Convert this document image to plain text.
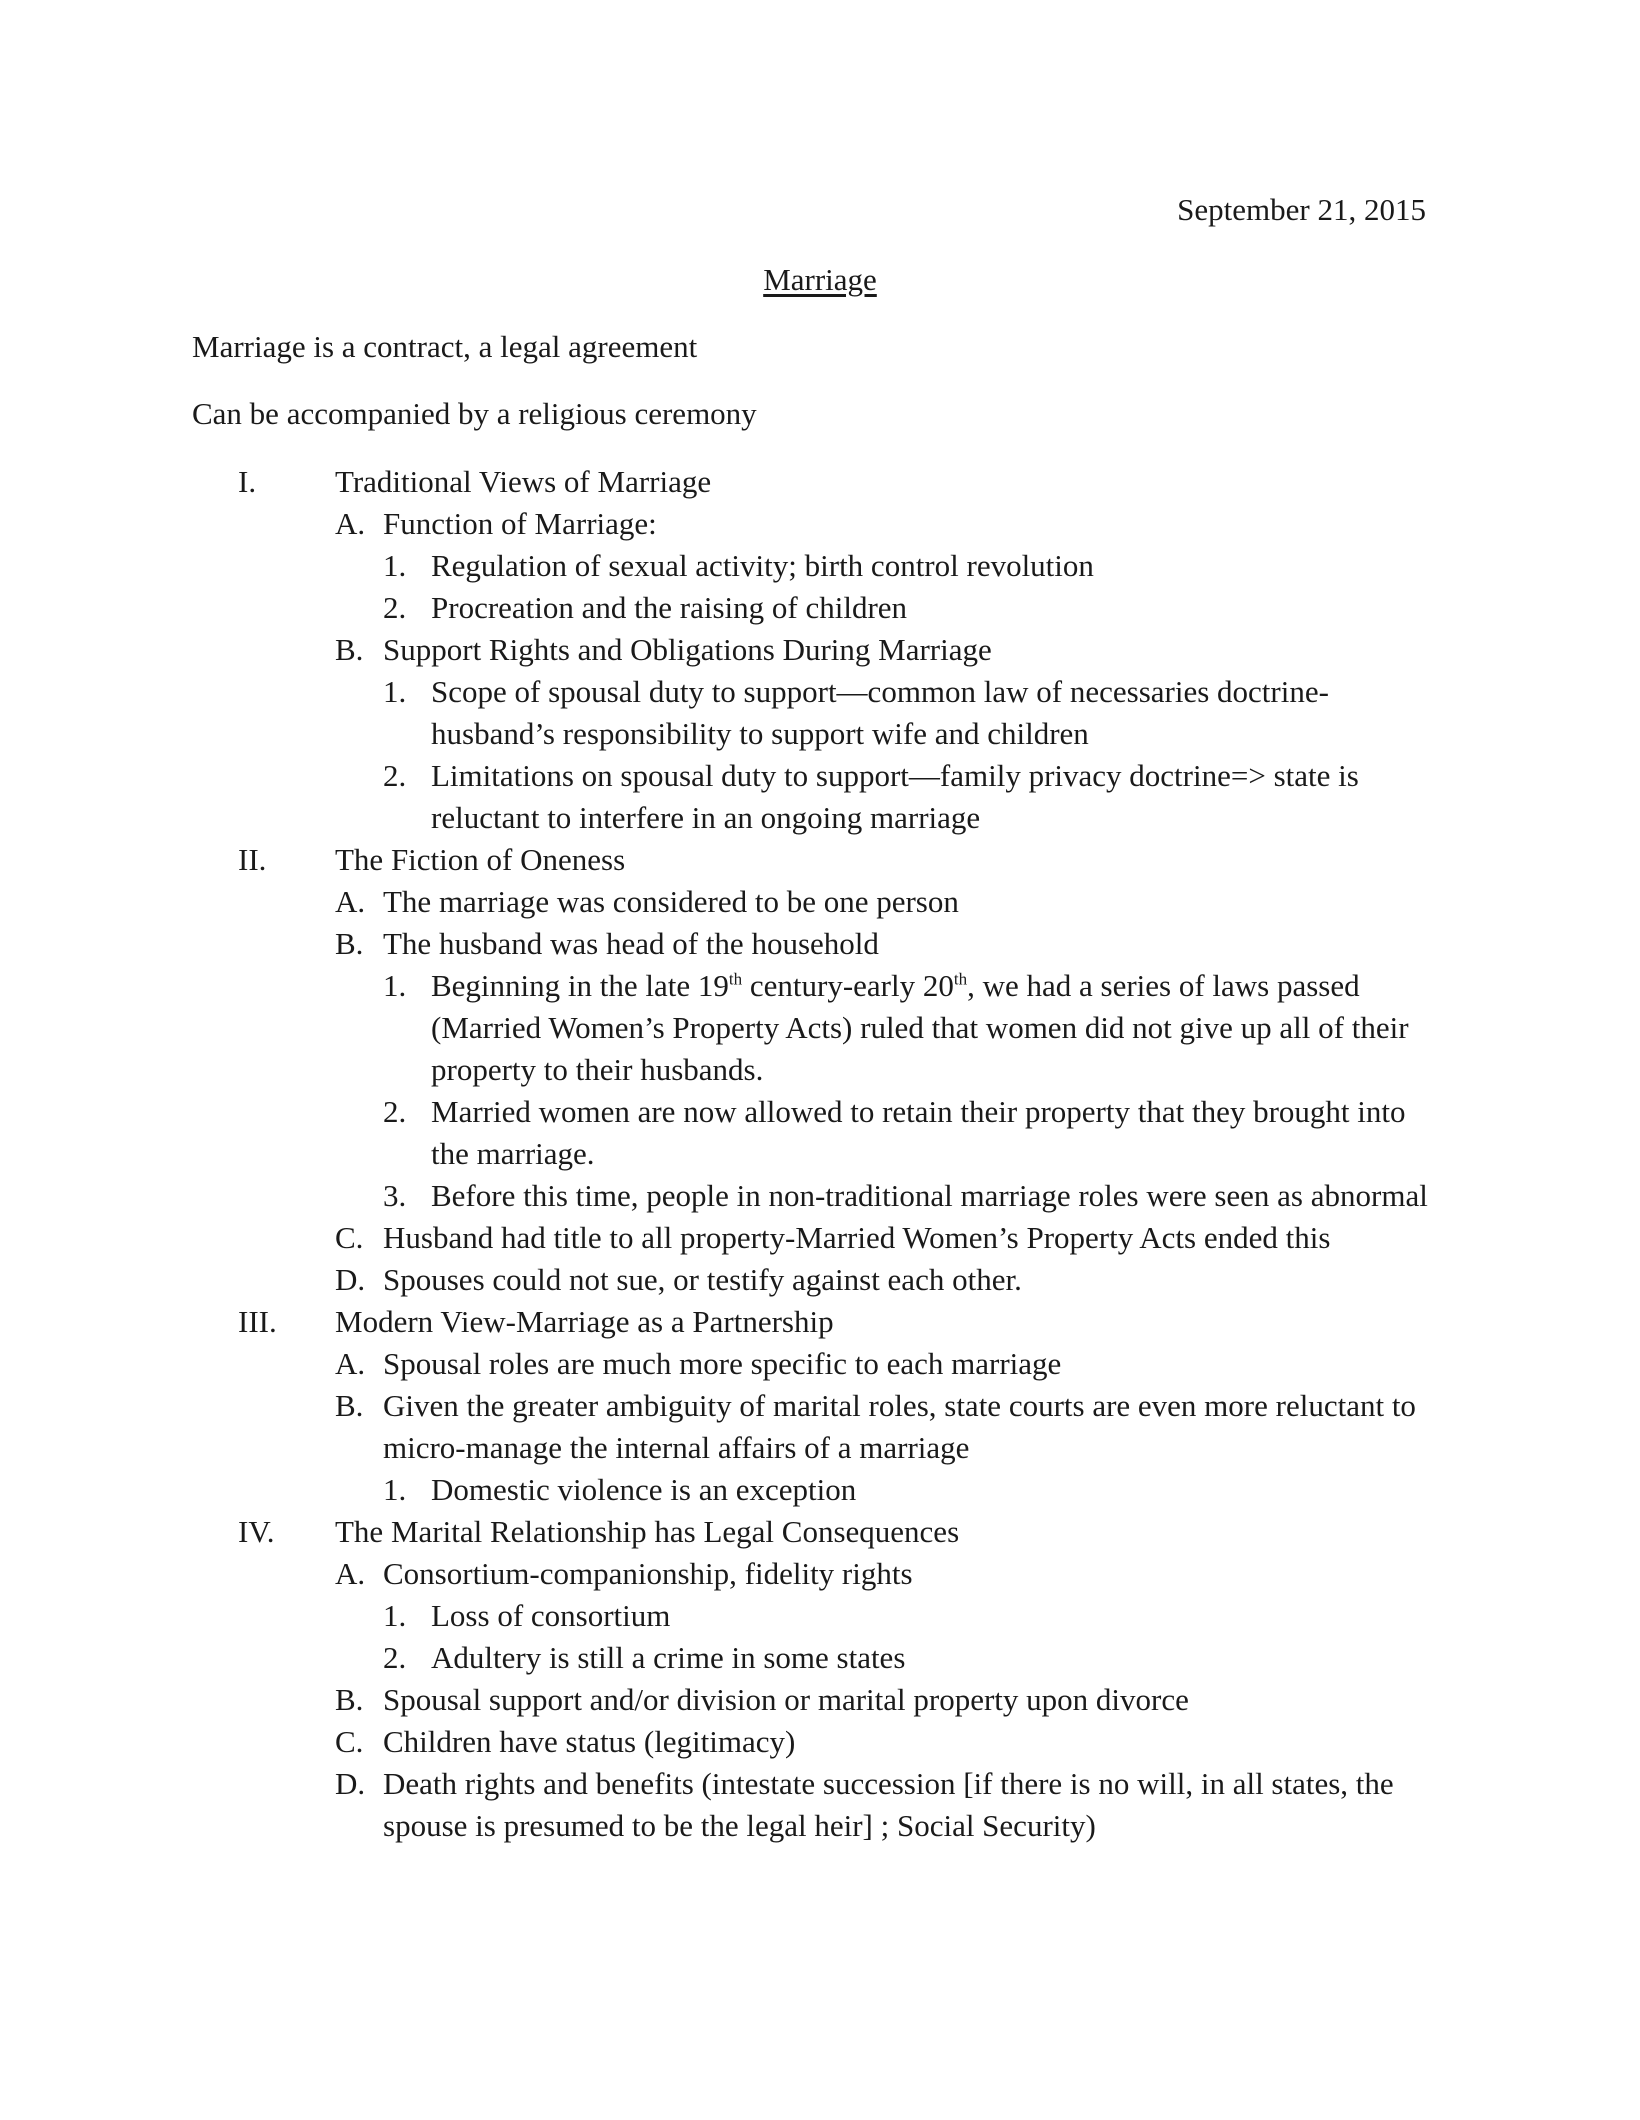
September 21, 2015
Marriage
Marriage is a contract, a legal agreement
Can be accompanied by a religious ceremony
I.	Traditional Views of Marriage
A. Function of Marriage:
1. Regulation of sexual activity; birth control revolution
2. Procreation and the raising of children
B. Support Rights and Obligations During Marriage
1. Scope of spousal duty to support—common law of necessaries doctrine-husband’s responsibility to support wife and children
2. Limitations on spousal duty to support—family privacy doctrine=> state is reluctant to interfere in an ongoing marriage
II. The Fiction of Oneness
A. The marriage was considered to be one person
B. The husband was head of the household
1. Beginning in the late 19th century-early 20th, we had a series of laws passed (Married Women’s Property Acts) ruled that women did not give up all of their property to their husbands.
2. Married women are now allowed to retain their property that they brought into the marriage.
3. Before this time, people in non-traditional marriage roles were seen as abnormal
C. Husband had title to all property-Married Women’s Property Acts ended this
D. Spouses could not sue, or testify against each other.
III. Modern View-Marriage as a Partnership
A. Spousal roles are much more specific to each marriage
B. Given the greater ambiguity of marital roles, state courts are even more reluctant to micro-manage the internal affairs of a marriage
1. Domestic violence is an exception
IV. The Marital Relationship has Legal Consequences
A. Consortium-companionship, fidelity rights
1. Loss of consortium
2. Adultery is still a crime in some states
B. Spousal support and/or division or marital property upon divorce
C. Children have status (legitimacy)
D. Death rights and benefits (intestate succession [if there is no will, in all states, the spouse is presumed to be the legal heir] ; Social Security)
